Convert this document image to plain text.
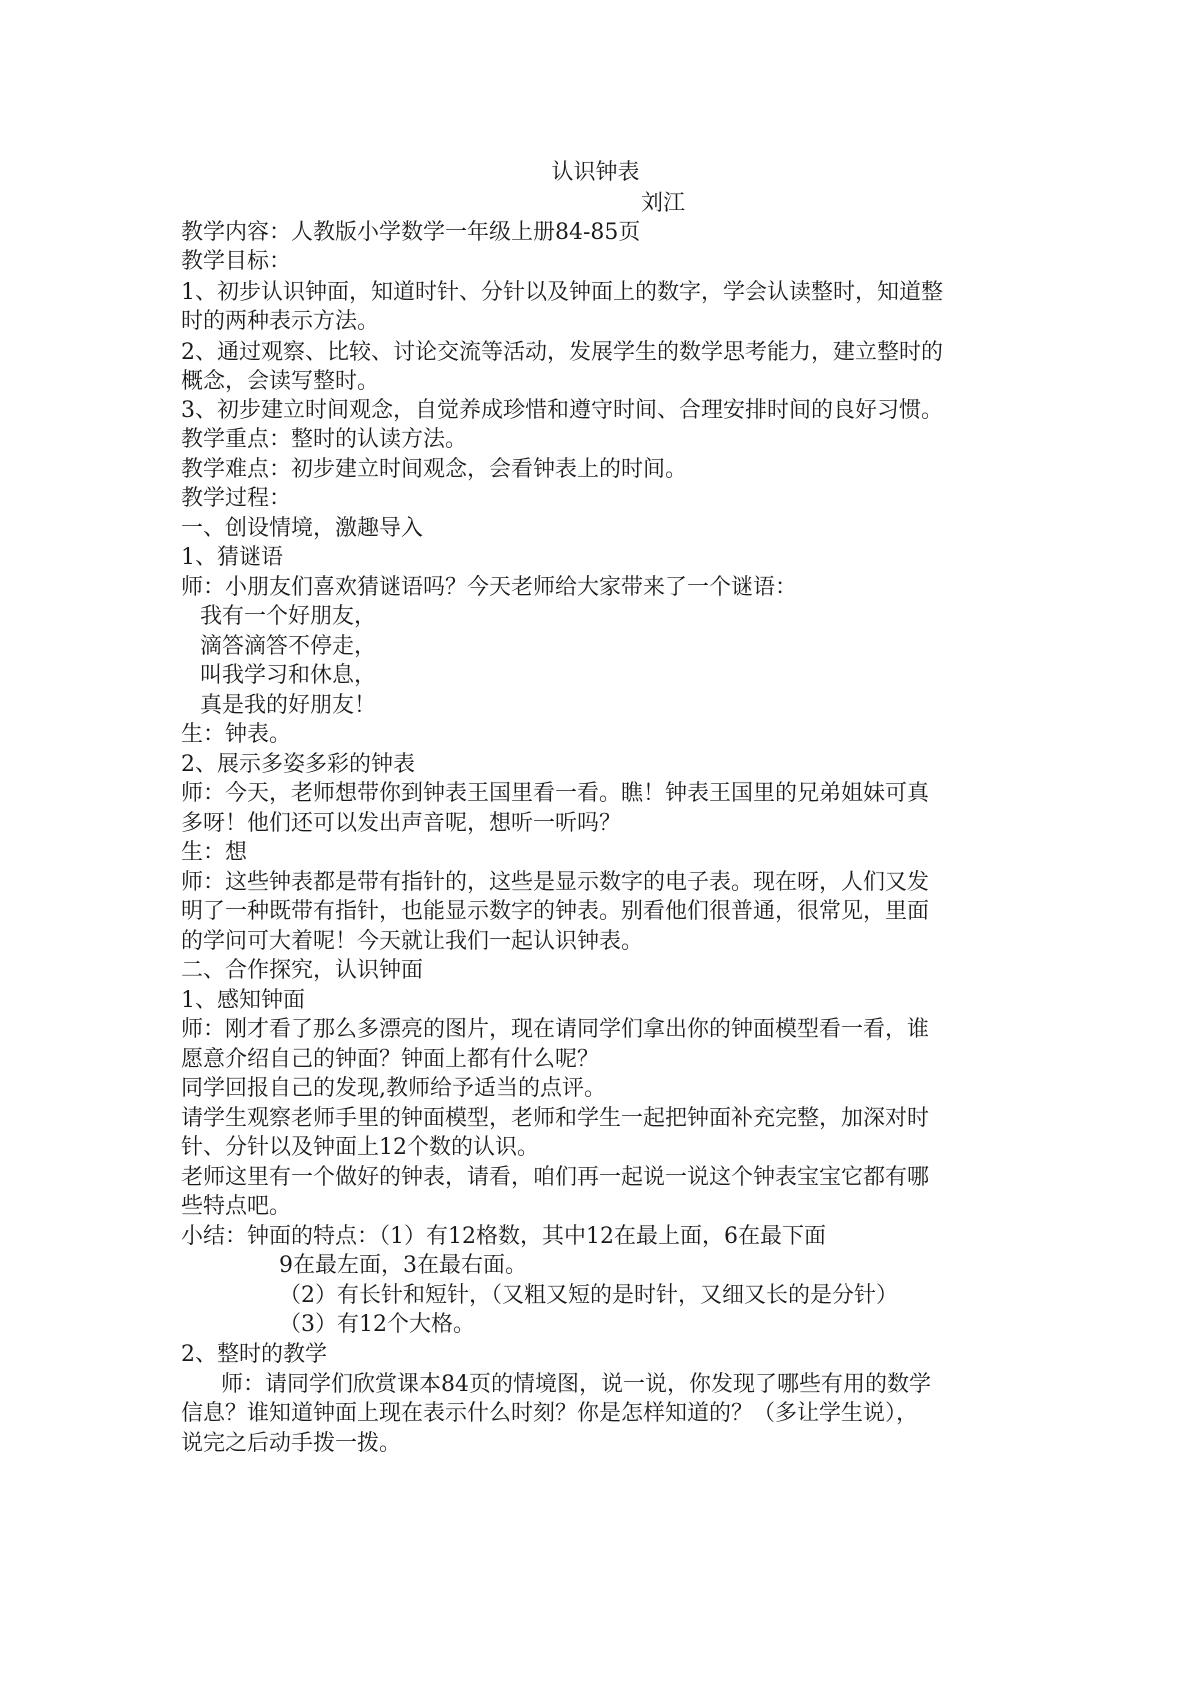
认识钟表
刘江
教学内容：人教版小学数学一年级上册84-85页
教学目标：
1、初步认识钟面，知道时针、分针以及钟面上的数字，学会认读整时，知道整
时的两种表示方法。
2、通过观察、比较、讨论交流等活动，发展学生的数学思考能力，建立整时的
概念，会读写整时。
3、初步建立时间观念，自觉养成珍惜和遵守时间、合理安排时间的良好习惯。
教学重点：整时的认读方法。
教学难点：初步建立时间观念，会看钟表上的时间。
教学过程：
一、创设情境，激趣导入
1、猜谜语
师：小朋友们喜欢猜谜语吗？今天老师给大家带来了一个谜语：
我有一个好朋友，
滴答滴答不停走，
叫我学习和休息，
真是我的好朋友！
生：钟表。
2、展示多姿多彩的钟表
师：今天，老师想带你到钟表王国里看一看。瞧！钟表王国里的兄弟姐妹可真
多呀！他们还可以发出声音呢，想听一听吗？
生：想
师：这些钟表都是带有指针的，这些是显示数字的电子表。现在呀，人们又发
明了一种既带有指针，也能显示数字的钟表。别看他们很普通，很常见，里面
的学问可大着呢！今天就让我们一起认识钟表。
二、合作探究，认识钟面
1、感知钟面
师：刚才看了那么多漂亮的图片，现在请同学们拿出你的钟面模型看一看，谁
愿意介绍自己的钟面？钟面上都有什么呢？
同学回报自己的发现,教师给予适当的点评。
请学生观察老师手里的钟面模型，老师和学生一起把钟面补充完整，加深对时
针、分针以及钟面上12个数的认识。
老师这里有一个做好的钟表，请看，咱们再一起说一说这个钟表宝宝它都有哪
些特点吧。
小结：钟面的特点：（1）有12格数，其中12在最上面，6在最下面
9在最左面，3在最右面。
（2）有长针和短针，（又粗又短的是时针，又细又长的是分针）
（3）有12个大格。
2、整时的教学
师：请同学们欣赏课本84页的情境图，说一说，你发现了哪些有用的数学
信息？谁知道钟面上现在表示什么时刻？你是怎样知道的？（多让学生说），
说完之后动手拨一拨。
